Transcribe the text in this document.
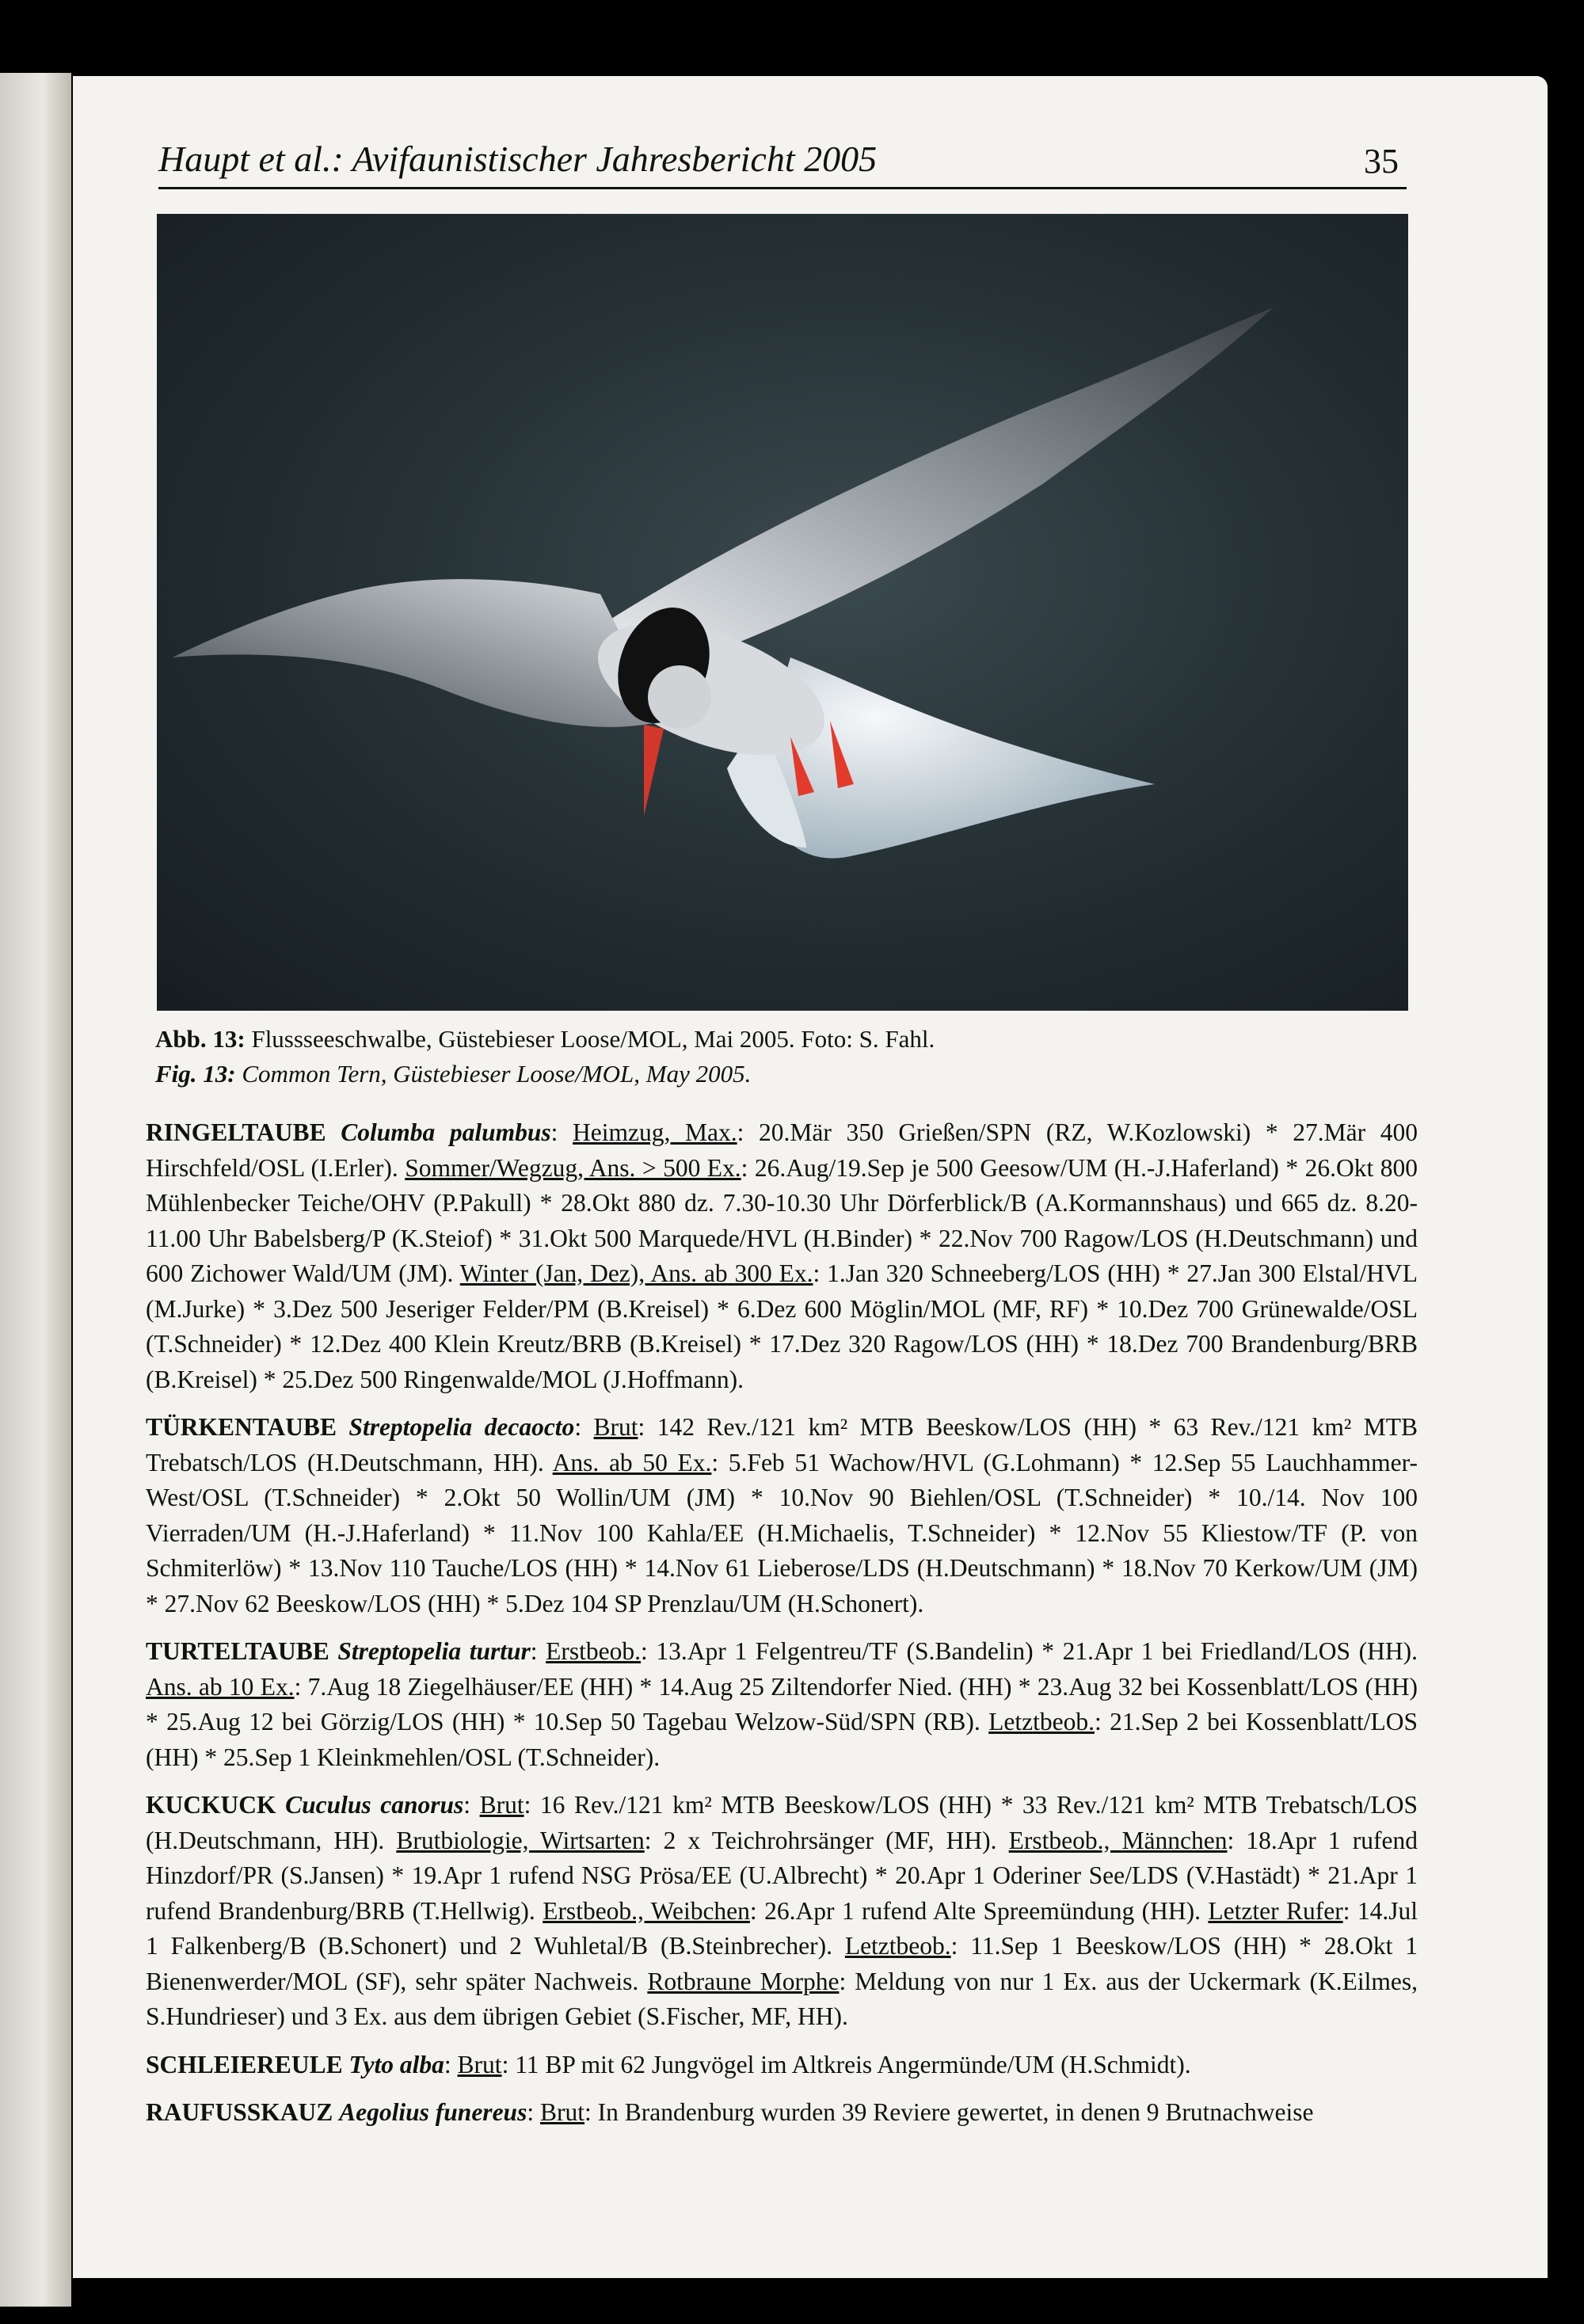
Haupt et al.: Avifaunistischer Jahresbericht 2005	35
Abb. 13: Flussseeschwalbe, Güstebieser Loose/MOL, Mai 2005. Foto: S. Fahl.
Fig. 13: Common Tern, Güstebieser Loose/MOL, May 2005.

RINGELTAUBE Columba palumbus: Heimzug, Max.: 20.Mär 350 Grießen/SPN (RZ, W.Kozlowski) * 27.Mär 400 Hirschfeld/OSL (I.Erler). Sommer/Wegzug, Ans. > 500 Ex.: 26.Aug/19.Sep je 500 Geesow/UM (H.-J.Haferland) * 26.Okt 800 Mühlenbecker Teiche/OHV (P.Pakull) * 28.Okt 880 dz. 7.30-10.30 Uhr Dörferblick/B (A.Kormannshaus) und 665 dz. 8.20-11.00 Uhr Babelsberg/P (K.Steiof) * 31.Okt 500 Marquede/HVL (H.Binder) * 22.Nov 700 Ragow/LOS (H.Deutschmann) und 600 Zichower Wald/UM (JM). Winter (Jan, Dez), Ans. ab 300 Ex.: 1.Jan 320 Schneeberg/LOS (HH) * 27.Jan 300 Elstal/HVL (M.Jurke) * 3.Dez 500 Jeseriger Felder/PM (B.Kreisel) * 6.Dez 600 Möglin/MOL (MF, RF) * 10.Dez 700 Grünewalde/OSL (T.Schneider) * 12.Dez 400 Klein Kreutz/BRB (B.Kreisel) * 17.Dez 320 Ragow/LOS (HH) * 18.Dez 700 Brandenburg/BRB (B.Kreisel) * 25.Dez 500 Ringenwalde/MOL (J.Hoffmann).

TÜRKENTAUBE Streptopelia decaocto: Brut: 142 Rev./121 km² MTB Beeskow/LOS (HH) * 63 Rev./121 km² MTB Trebatsch/LOS (H.Deutschmann, HH). Ans. ab 50 Ex.: 5.Feb 51 Wachow/HVL (G.Lohmann) * 12.Sep 55 Lauchhammer-West/OSL (T.Schneider) * 2.Okt 50 Wollin/UM (JM) * 10.Nov 90 Biehlen/OSL (T.Schneider) * 10./14. Nov 100 Vierraden/UM (H.-J.Haferland) * 11.Nov 100 Kahla/EE (H.Michaelis, T.Schneider) * 12.Nov 55 Kliestow/TF (P. von Schmiterlöw) * 13.Nov 110 Tauche/LOS (HH) * 14.Nov 61 Lieberose/LDS (H.Deutschmann) * 18.Nov 70 Kerkow/UM (JM) * 27.Nov 62 Beeskow/LOS (HH) * 5.Dez 104 SP Prenzlau/UM (H.Schonert).

TURTELTAUBE Streptopelia turtur: Erstbeob.: 13.Apr 1 Felgentreu/TF (S.Bandelin) * 21.Apr 1 bei Friedland/LOS (HH). Ans. ab 10 Ex.: 7.Aug 18 Ziegelhäuser/EE (HH) * 14.Aug 25 Ziltendorfer Nied. (HH) * 23.Aug 32 bei Kossenblatt/LOS (HH) * 25.Aug 12 bei Görzig/LOS (HH) * 10.Sep 50 Tagebau Welzow-Süd/SPN (RB). Letztbeob.: 21.Sep 2 bei Kossenblatt/LOS (HH) * 25.Sep 1 Kleinkmehlen/OSL (T.Schneider).

KUCKUCK Cuculus canorus: Brut: 16 Rev./121 km² MTB Beeskow/LOS (HH) * 33 Rev./121 km² MTB Trebatsch/LOS (H.Deutschmann, HH). Brutbiologie, Wirtsarten: 2 x Teichrohrsänger (MF, HH). Erstbeob., Männchen: 18.Apr 1 rufend Hinzdorf/PR (S.Jansen) * 19.Apr 1 rufend NSG Prösa/EE (U.Albrecht) * 20.Apr 1 Oderiner See/LDS (V.Hastädt) * 21.Apr 1 rufend Brandenburg/BRB (T.Hellwig). Erstbeob., Weibchen: 26.Apr 1 rufend Alte Spreemündung (HH). Letzter Rufer: 14.Jul 1 Falkenberg/B (B.Schonert) und 2 Wuhletal/B (B.Steinbrecher). Letztbeob.: 11.Sep 1 Beeskow/LOS (HH) * 28.Okt 1 Bienenwerder/MOL (SF), sehr später Nachweis. Rotbraune Morphe: Meldung von nur 1 Ex. aus der Uckermark (K.Eilmes, S.Hundrieser) und 3 Ex. aus dem übrigen Gebiet (S.Fischer, MF, HH).

SCHLEIEREULE Tyto alba: Brut: 11 BP mit 62 Jungvögel im Altkreis Angermünde/UM (H.Schmidt).

RAUFUSSKAUZ Aegolius funereus: Brut: In Brandenburg wurden 39 Reviere gewertet, in denen 9 Brutnachweise
